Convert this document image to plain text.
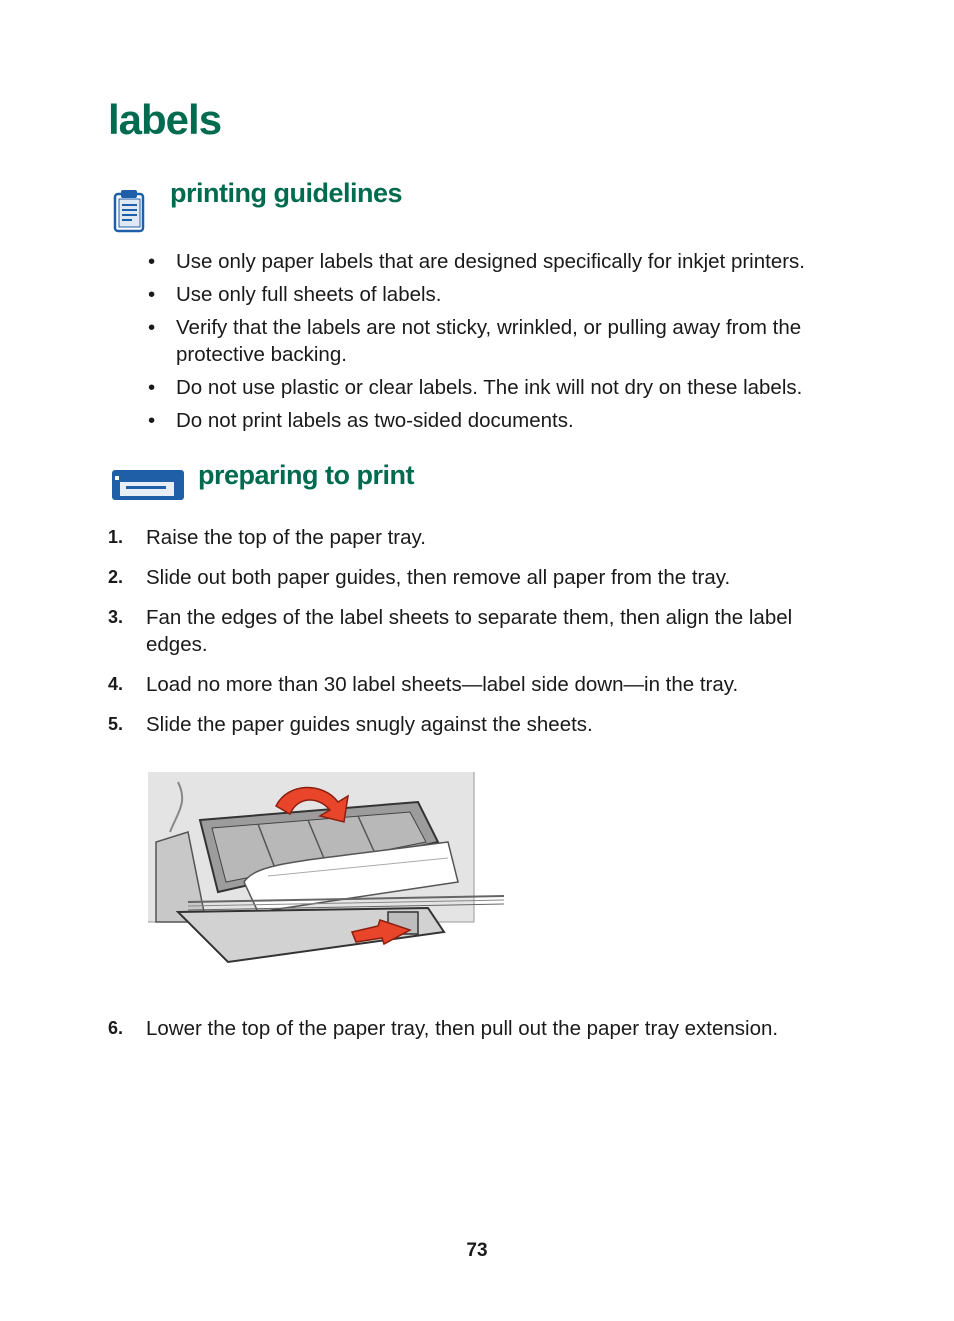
labels
printing guidelines
• Use only paper labels that are designed specifically for inkjet printers.
• Use only full sheets of labels.
• Verify that the labels are not sticky, wrinkled, or pulling away from the protective backing.
• Do not use plastic or clear labels. The ink will not dry on these labels.
• Do not print labels as two-sided documents.
preparing to print
1. Raise the top of the paper tray.
2. Slide out both paper guides, then remove all paper from the tray.
3. Fan the edges of the label sheets to separate them, then align the label edges.
4. Load no more than 30 label sheets—label side down—in the tray.
5. Slide the paper guides snugly against the sheets.
6. Lower the top of the paper tray, then pull out the paper tray extension.
73
